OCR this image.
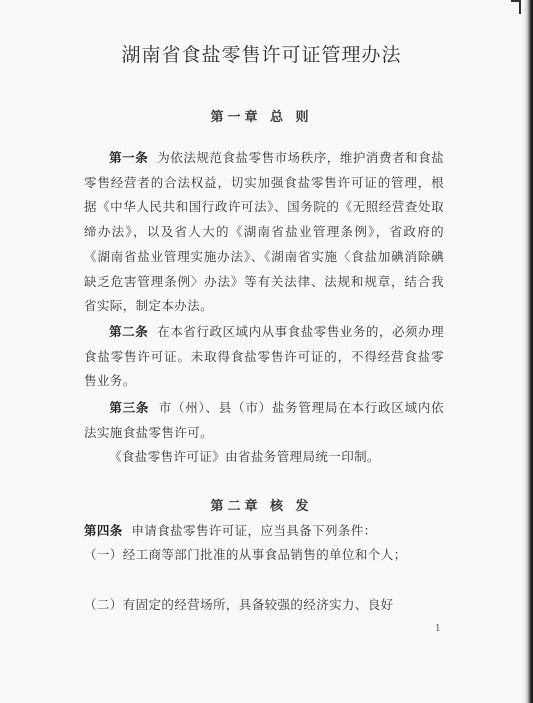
湖南省食盐零售许可证管理办法
第一章 总 则

第一条 为依法规范食盐零售市场秩序，维护消费者和食盐零售经营者的合法权益，切实加强食盐零售许可证的管理，根据《中华人民共和国行政许可法》、国务院的《无照经营查处取缔办法》，以及省人大的《湖南省盐业管理条例》，省政府的《湖南省盐业管理实施办法》、《湖南省实施〈食盐加碘消除碘缺乏危害管理条例〉办法》等有关法律、法规和规章，结合我省实际，制定本办法。

第二条 在本省行政区域内从事食盐零售业务的，必须办理食盐零售许可证。未取得食盐零售许可证的，不得经营食盐零售业务。

第三条 市（州）、县（市）盐务管理局在本行政区域内依法实施食盐零售许可。

《食盐零售许可证》由省盐务管理局统一印制。

第二章 核 发

第四条 申请食盐零售许可证，应当具备下列条件：

（一）经工商等部门批准的从事食品销售的单位和个人；

（二）有固定的经营场所，具备较强的经济实力、良好

1
